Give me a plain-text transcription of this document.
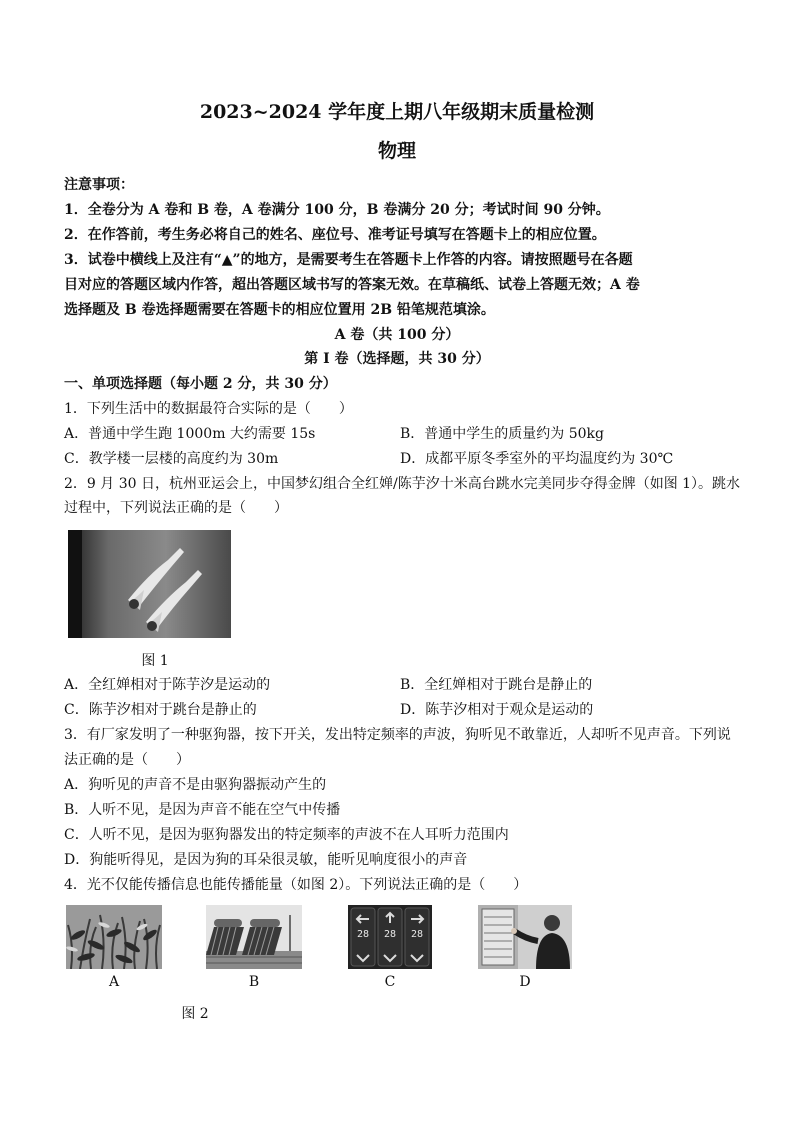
2023~2024 学年度上期八年级期末质量检测
物理
注意事项：
1．全卷分为 A 卷和 B 卷，A 卷满分 100 分，B 卷满分 20 分；考试时间 90 分钟。
2．在作答前，考生务必将自己的姓名、座位号、准考证号填写在答题卡上的相应位置。
3．试卷中横线上及注有“▲”的地方，是需要考生在答题卡上作答的内容。请按照题号在各题
目对应的答题区域内作答，超出答题区域书写的答案无效。在草稿纸、试卷上答题无效；A 卷
选择题及 B 卷选择题需要在答题卡的相应位置用 2B 铅笔规范填涂。
A 卷（共 100 分）
第 I 卷（选择题，共 30 分）
一、单项选择题（每小题 2 分，共 30 分）
1．下列生活中的数据最符合实际的是（　　）
A．普通中学生跑 1000m 大约需要 15s	B．普通中学生的质量约为 50kg
C．教学楼一层楼的高度约为 30m	D．成都平原冬季室外的平均温度约为 30℃
2．9 月 30 日，杭州亚运会上，中国梦幻组合全红婵/陈芋汐十米高台跳水完美同步夺得金牌（如图 1）。跳水
过程中，下列说法正确的是（　　）
图 1
A．全红婵相对于陈芋汐是运动的	B．全红婵相对于跳台是静止的
C．陈芋汐相对于跳台是静止的	D．陈芋汐相对于观众是运动的
3．有厂家发明了一种驱狗器，按下开关，发出特定频率的声波，狗听见不敢靠近，人却听不见声音。下列说
法正确的是（　　）
A．狗听见的声音不是由驱狗器振动产生的
B．人听不见，是因为声音不能在空气中传播
C．人听不见，是因为驱狗器发出的特定频率的声波不在人耳听力范围内
D．狗能听得见，是因为狗的耳朵很灵敏，能听见响度很小的声音
4．光不仅能传播信息也能传播能量（如图 2）。下列说法正确的是（　　）
A	B
28	28	28
C	D
图 2
